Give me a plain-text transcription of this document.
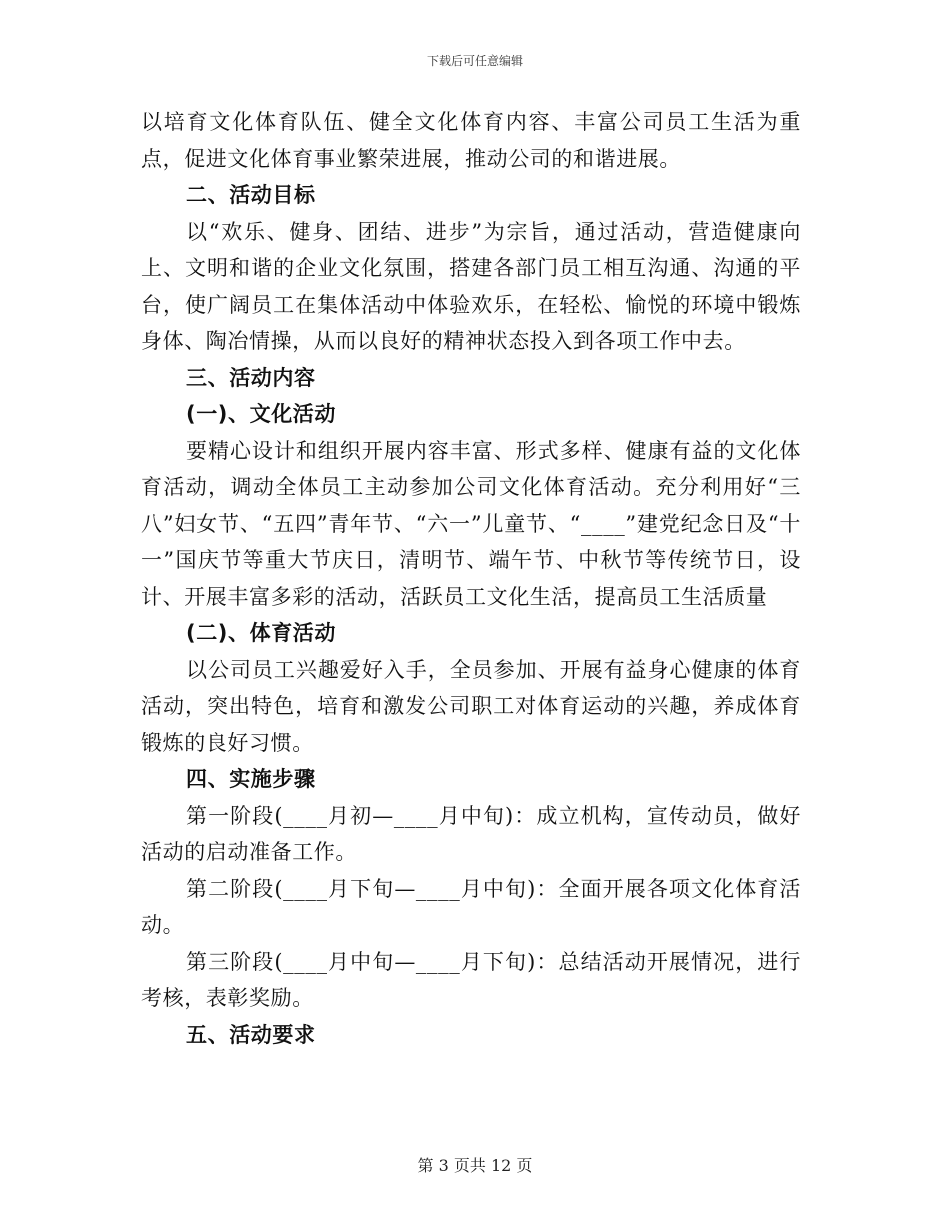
下载后可任意编辑

以培育文化体育队伍、健全文化体育内容、丰富公司员工生活为重点，促进文化体育事业繁荣进展，推动公司的和谐进展。

二、活动目标

以“欢乐、健身、团结、进步”为宗旨，通过活动，营造健康向上、文明和谐的企业文化氛围，搭建各部门员工相互沟通、沟通的平台，使广阔员工在集体活动中体验欢乐，在轻松、愉悦的环境中锻炼身体、陶冶情操，从而以良好的精神状态投入到各项工作中去。

三、活动内容

(一)、文化活动

要精心设计和组织开展内容丰富、形式多样、健康有益的文化体育活动，调动全体员工主动参加公司文化体育活动。充分利用好“三八”妇女节、“五四”青年节、“六一”儿童节、“____”建党纪念日及“十一”国庆节等重大节庆日，清明节、端午节、中秋节等传统节日，设计、开展丰富多彩的活动，活跃员工文化生活，提高员工生活质量

(二)、体育活动

以公司员工兴趣爱好入手，全员参加、开展有益身心健康的体育活动，突出特色，培育和激发公司职工对体育运动的兴趣，养成体育锻炼的良好习惯。

四、实施步骤

第一阶段(____月初—____月中旬)：成立机构，宣传动员，做好活动的启动准备工作。

第二阶段(____月下旬—____月中旬)：全面开展各项文化体育活动。

第三阶段(____月中旬—____月下旬)：总结活动开展情况，进行考核，表彰奖励。

五、活动要求

第 3 页共 12 页
